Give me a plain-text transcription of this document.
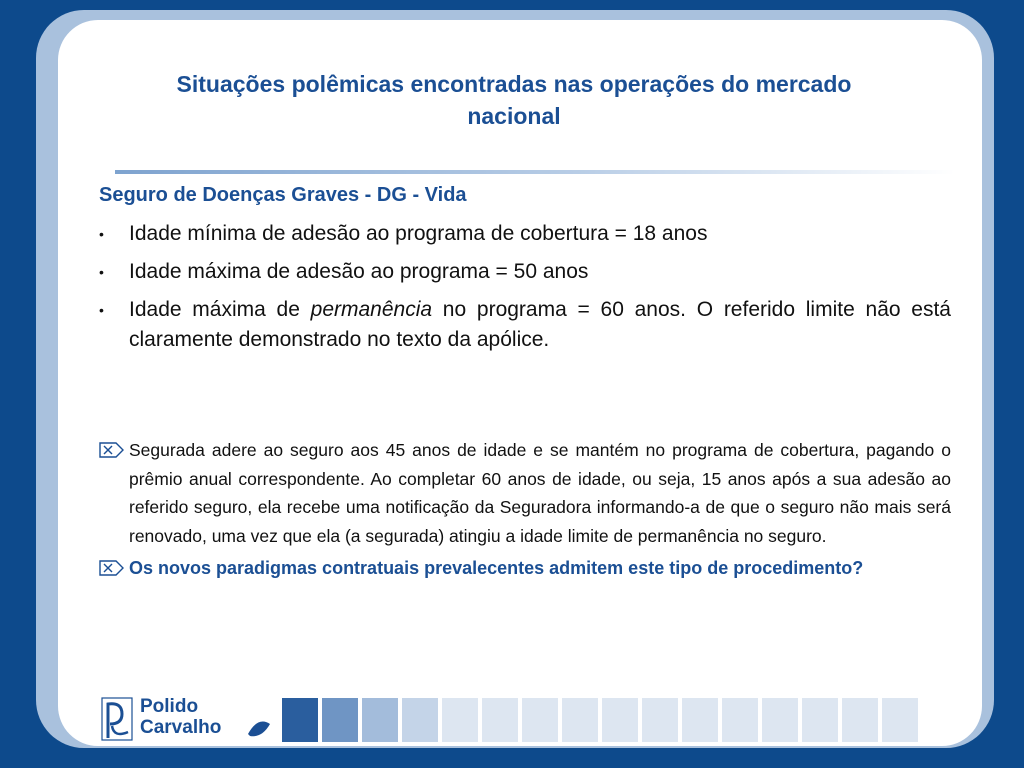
Situações polêmicas encontradas nas operações do mercado nacional
Seguro de Doenças Graves - DG - Vida
• Idade mínima de adesão ao programa de cobertura = 18 anos
• Idade máxima de adesão ao programa = 50 anos
• Idade máxima de permanência no programa = 60 anos. O referido limite não está claramente demonstrado no texto da apólice.
Segurada adere ao seguro aos 45 anos de idade e se mantém no programa de cobertura, pagando o prêmio anual correspondente. Ao completar 60 anos de idade, ou seja, 15 anos após a sua adesão ao referido seguro, ela recebe uma notificação da Seguradora informando-a de que o seguro não mais será renovado, uma vez que ela (a segurada) atingiu a idade limite de permanência no seguro.
Os novos paradigmas contratuais prevalecentes admitem este tipo de procedimento?
Polido
Carvalho
